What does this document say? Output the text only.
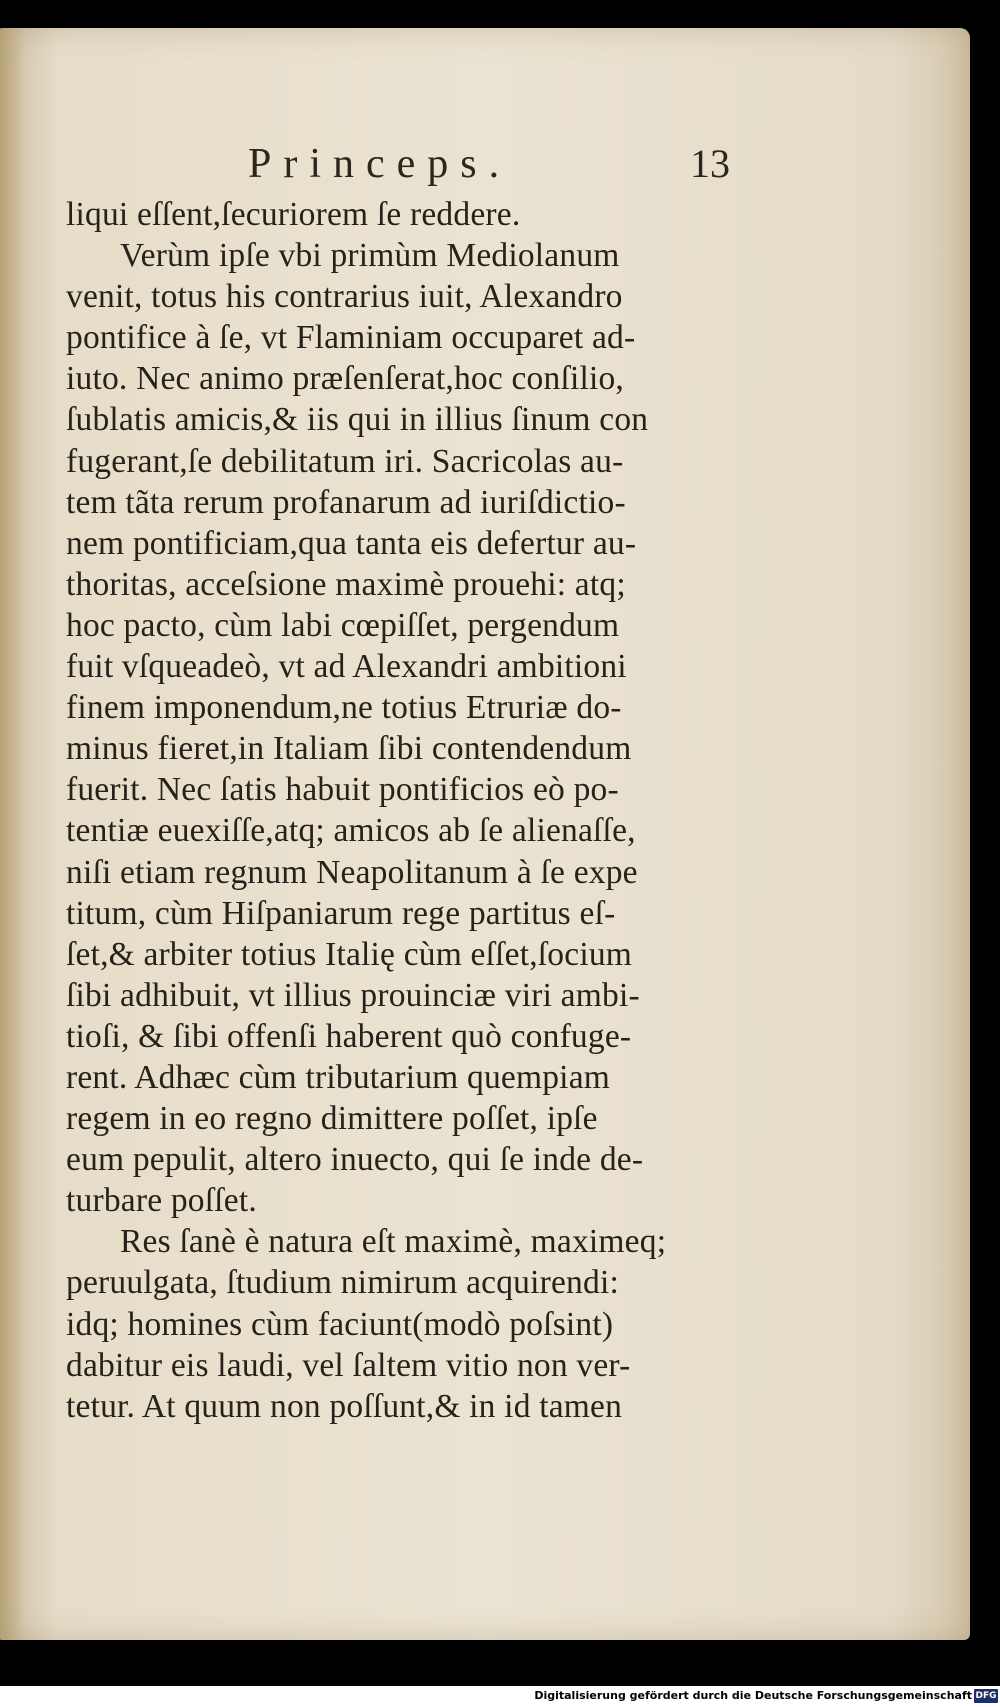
Princeps.	13
liqui eſſent,ſecuriorem ſe reddere.
Verùm ipſe vbi primùm Mediolanum
venit, totus his contrarius iuit, Alexandro
pontifice à ſe, vt Flaminiam occuparet ad-
iuto. Nec animo præſenſerat,hoc conſilio,
ſublatis amicis,& iis qui in illius ſinum con
fugerant,ſe debilitatum iri. Sacricolas au-
tem tãta rerum profanarum ad iuriſdictio-
nem pontificiam,qua tanta eis defertur au-
thoritas, acceſsione maximè prouehi: atq;
hoc pacto, cùm labi cœpiſſet, pergendum
fuit vſqueadeò, vt ad Alexandri ambitioni
finem imponendum,ne totius Etruriæ do-
minus fieret,in Italiam ſibi contendendum
fuerit. Nec ſatis habuit pontificios eò po-
tentiæ euexiſſe,atq; amicos ab ſe alienaſſe,
niſi etiam regnum Neapolitanum à ſe expe
titum, cùm Hiſpaniarum rege partitus eſ-
ſet,& arbiter totius Italię cùm eſſet,ſocium
ſibi adhibuit, vt illius prouinciæ viri ambi-
tioſi, & ſibi offenſi haberent quò confuge-
rent. Adhæc cùm tributarium quempiam
regem in eo regno dimittere poſſet, ipſe
eum pepulit, altero inuecto, qui ſe inde de-
turbare poſſet.
Res ſanè è natura eſt maximè, maximeq;
peruulgata, ſtudium nimirum acquirendi:
idq; homines cùm faciunt(modò poſsint)
dabitur eis laudi, vel ſaltem vitio non ver-
tetur. At quum non poſſunt,& in id tamen
Digitalisierung gefördert durch die Deutsche Forschungsgemeinschaft DFG
